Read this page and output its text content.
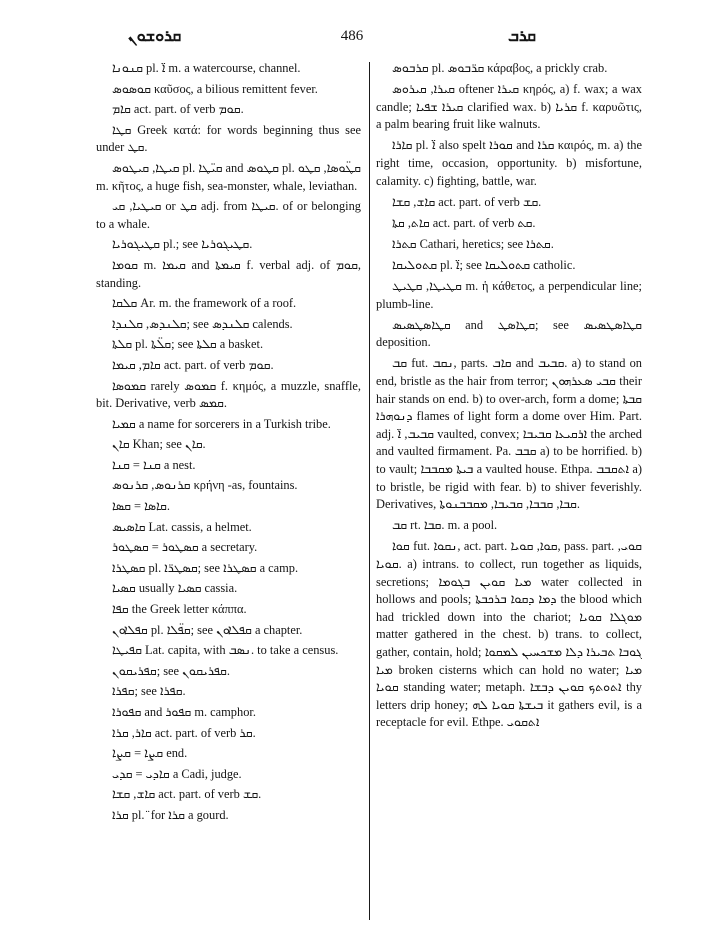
ܩܪܘܫܘܢ	486	ܩܪܒ

ܩܢܘܢܐ pl. ܐ̈ m. a watercourse, channel.

ܩܘܣܘܣ καῦσος, a bilious remittent fever.

ܩܐܡ act. part. of verb ܩܘܡ.

ܩܛܐ Greek κατά: for words beginning thus see under ܩܛ.

ܩܝܛܐ, ܩܝܛܘܣ pl. ܩܝ̈ܛܐ and ܩܛܘܣ pl. ܩܛ̈ܘܣܐ, ܩܛܘ m. κῆτος, a huge fish, sea-monster, whale, leviathan.

ܩܝܛܝܐ, ܩܝ or ܩܛ adj. from ܩܝܛܐ. of or belonging to a whale.

ܩܛܝܓܘܪܝܐ pl.; see ܩܛܝܓܘܪܝܐ.

ܩܘܡܐ m. ܩܝܡܐ and ܩܝܡܬܐ f. verbal adj. of ܩܘܡ, standing.

ܩܠܩܐ Ar. m. the framework of a roof.

ܩܠܢܕܣ, ܩܠܢܕܐ; see ܩܠܢܕܣ calends.

ܩܠܬܐ pl. ܩܠ̈ܬܐ; see ܩܠܬܐ a basket.

ܩܐܡ, ܩܝܡܐ act. part. of verb ܩܘܡ.

ܩܡܘܣܐ rarely ܩܡܘܣ f. κημός, a muzzle, snaffle, bit. Derivative, verb ܩܡܣ.

ܩܡܝܐ a name for sorcerers in a Turkish tribe.

ܩܐܢ Khan; see ܩܐܢ.

ܩܢܐ = ܩܢܐ a nest.

ܩܪܢܘܣ, ܩܪܢܘܣ κρήνη -as, fountains.

ܩܐܣܐ = ܩܣܐ.

ܩܐܣܝܣ Lat. cassis, a helmet.

ܩܣܛܘܪ = ܩܣܛܘܪ a secretary.

ܩܣܛܪܐ pl. ܩܣܛܪ̈ܐ; see ܩܣܛܪܐ a camp.

ܩܣܝܐ usually ܩܣܝܐ cassia.

ܩܦܐ the Greek letter κάππα.

ܩܦܠܐܘܢ pl. ܩܦ̈ܠܐ; see ܩܦܠܐܘܢ a chapter.

ܩܦܝܛܐ Lat. capita, with ܢܣܒ. to take a census.

ܩܦܪܝܩܘܢ; see ܩܦܪܝܩܘܢ.

ܩܦܪܐ; see ܩܦܪܐ.

ܩܦܘܪܐ and ܩܦܘܪ m. camphor.

ܩܐܪ, ܩܪܐ act. part. of verb ܩܪ.

ܩܨܐ = ܩܨܐ end.

ܩܐܕܝ = ܩܕܝ a Cadi, judge.

ܩܐܫ, ܩܫܐ act. part. of verb ܩܫ.

ܩܪܐ pl. ̈ for ܩܪܐ a gourd.

ܩܪܒܘܣ pl. ܩܪ̈ܒܘܣ κάραβος, a prickly crab.

ܩܝܪܐ, ܩܝܪܘܣ oftener ܩܝܪܐ κηρός, a) f. wax; a wax candle; ܩܝܪܐ ܫܦܝܐ clarified wax. b) ܩܪܝܐ f. καρυῶτις, a palm bearing fruit like walnuts.

ܩܐܪܐ pl. ܐ̈ also spelt ܩܘܪܐ and ܩܪܐ καιρός, m. a) the right time, occasion, opportunity. b) misfortune, calamity. c) fighting, battle, war.

ܩܐܫ, ܩܫܐ act. part. of verb ܩܫ.

ܩܐܬ, ܩܬܐ act. part. of verb ܩܬ.

ܩܬܪܐ Cathari, heretics; see ܩܬܪܐ.

ܩܬܘܠܝܩܐ pl. ܐ̈; see ܩܬܘܠܝܩܐ catholic.

ܩܛܝܛܐ, ܩܛܝܛ m. ἡ κάθετος, a perpendicular line; plumb-line.

ܩܛܐܣܛܣܝܣ and ܩܛܐܣܛ; see ܩܛܐܣܛܣܝܣ deposition.

ܩܒ fut. ܢܩܒ, parts. ܩܐܒ and ܩܒܝܒ. a) to stand on end, bristle as the hair from terror; ܩܒܝ ܣܥܪܗܘܢ their hair stands on end. b) to over-arch, form a dome; ܩܒܬܐ ܕܢܘܗܪܐ flames of light form a dome over Him. Part. adj. ܩܒܝܒ, ܐ̈ vaulted, convex; ܐܪܩܝܥܐ ܩܒܝܒܐ the arched and vaulted firmament. Pa. ܩܒܒ a) to be horrified. b) to vault; ܒܝܬܐ ܡܩܒܒܐ a vaulted house. Ethpa. ܐܬܩܒܒ a) to bristle, be rigid with fear. b) to shiver feverishly. Derivatives, ܩܒܐ, ܩܒܒܐ, ܩܒܝܒܐ, ܡܩܒܒܢܘܬܐ.

ܩܒ rt. ܩܒܐ. m. a pool.

ܩܘܐ fut. ܢܩܘܐ, act. part. ܩܘܐ, ܩܘܝܐ, pass. part. ܩܘܝ, ܩܘܝܐ. a) intrans. to collect, run together as liquids, secretions; ܡܝܐ ܩܘܝܢ ܒܓܘܡܐ water collected in hollows and pools; ܕܡܐ ܕܩܘܐ ܒܪܟܒܬܐ the blood which had trickled down into the chariot; ܡܘܓܠܐ ܩܘܝܐ matter gathered in the chest. b) trans. to collect, gather, contain, hold; ܓܘܒܐ ܬܒܝܪܐ ܕܠܐ ܡܫܟܚܝܢ ܠܡܩܘܐ ܡܝܐ broken cisterns which can hold no water; ܡܝܐ ܩܘܝܐ standing water; metaph. ܐܬܘܬܟ ܩܘܝܢ ܕܒܫܐ thy letters drip honey; ܒܝܫܬܐ ܩܘܝܐ ܠܗ it gathers evil, is a receptacle for evil. Ethpe. ܐܬܩܘܝ
